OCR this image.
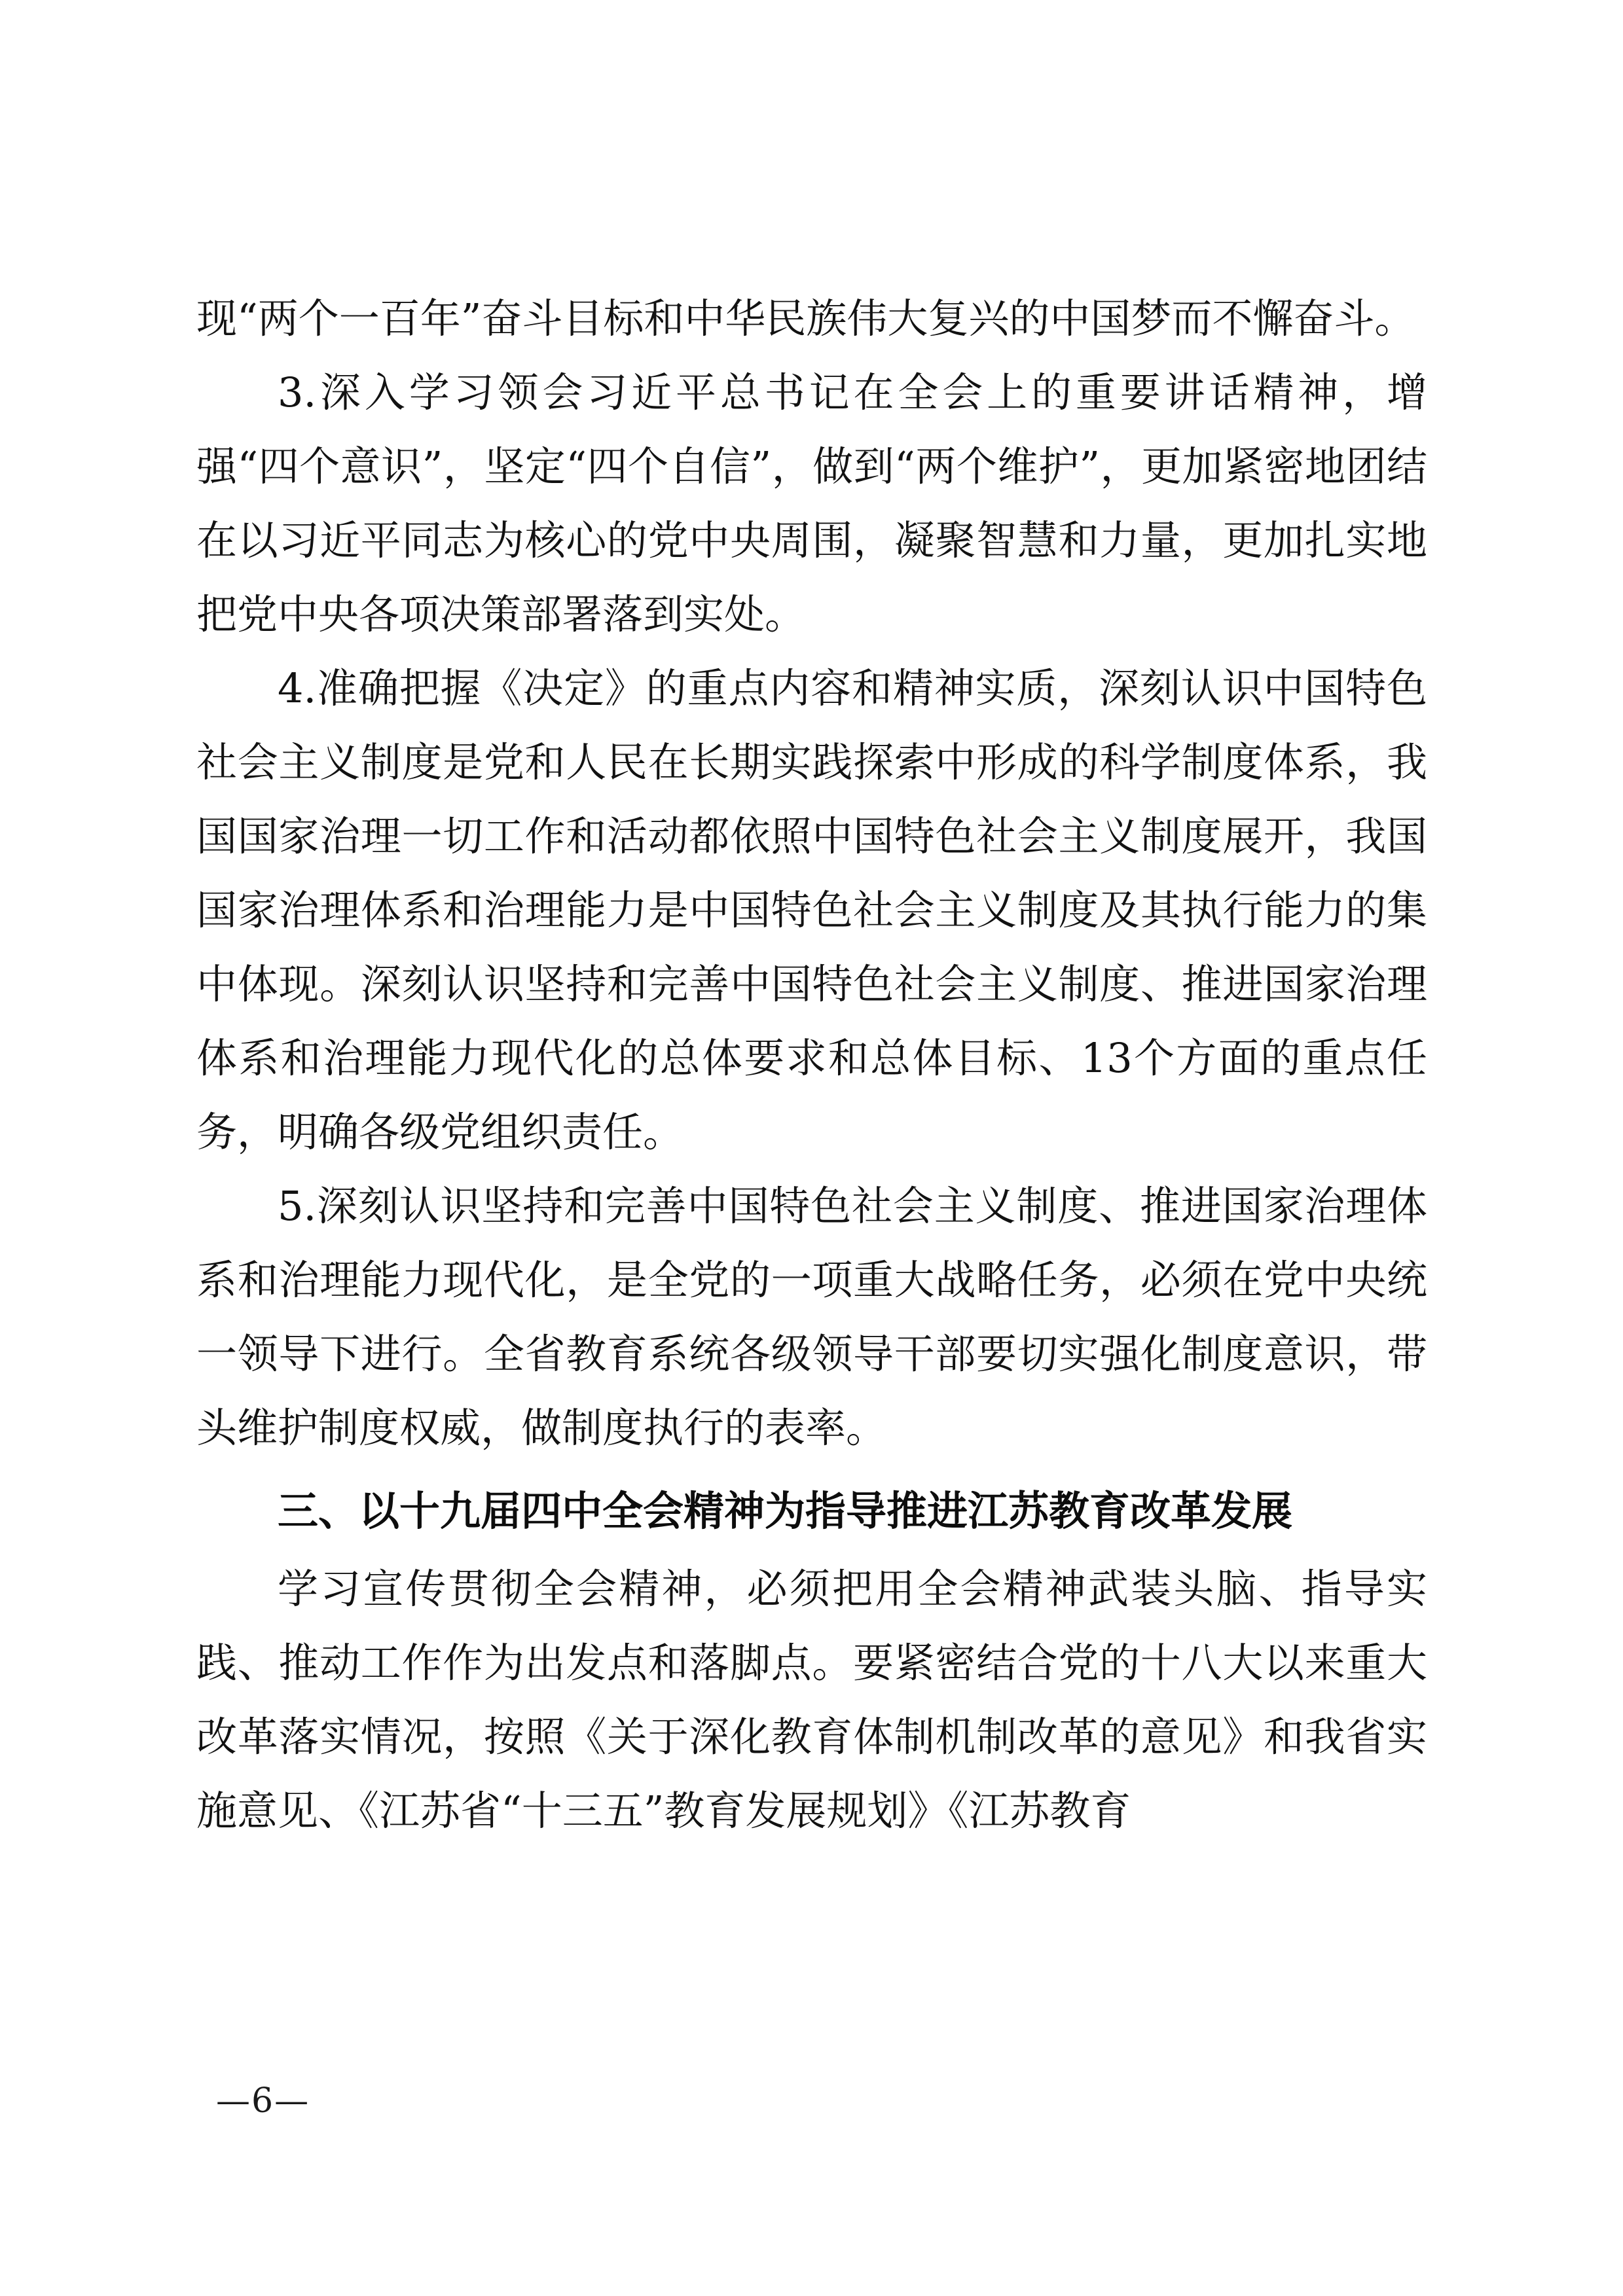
现“两个一百年”奋斗目标和中华民族伟大复兴的中国梦而不懈奋斗。

3.深入学习领会习近平总书记在全会上的重要讲话精神，增强“四个意识”，坚定“四个自信”，做到“两个维护”，更加紧密地团结在以习近平同志为核心的党中央周围，凝聚智慧和力量，更加扎实地把党中央各项决策部署落到实处。

4.准确把握《决定》的重点内容和精神实质，深刻认识中国特色社会主义制度是党和人民在长期实践探索中形成的科学制度体系，我国国家治理一切工作和活动都依照中国特色社会主义制度展开，我国国家治理体系和治理能力是中国特色社会主义制度及其执行能力的集中体现。深刻认识坚持和完善中国特色社会主义制度、推进国家治理体系和治理能力现代化的总体要求和总体目标、13个方面的重点任务，明确各级党组织责任。

5.深刻认识坚持和完善中国特色社会主义制度、推进国家治理体系和治理能力现代化，是全党的一项重大战略任务，必须在党中央统一领导下进行。全省教育系统各级领导干部要切实强化制度意识，带头维护制度权威，做制度执行的表率。

三、以十九届四中全会精神为指导推进江苏教育改革发展

学习宣传贯彻全会精神，必须把用全会精神武装头脑、指导实践、推动工作作为出发点和落脚点。要紧密结合党的十八大以来重大改革落实情况，按照《关于深化教育体制机制改革的意见》和我省实施意见、《江苏省“十三五”教育发展规划》《江苏教育

—6—
